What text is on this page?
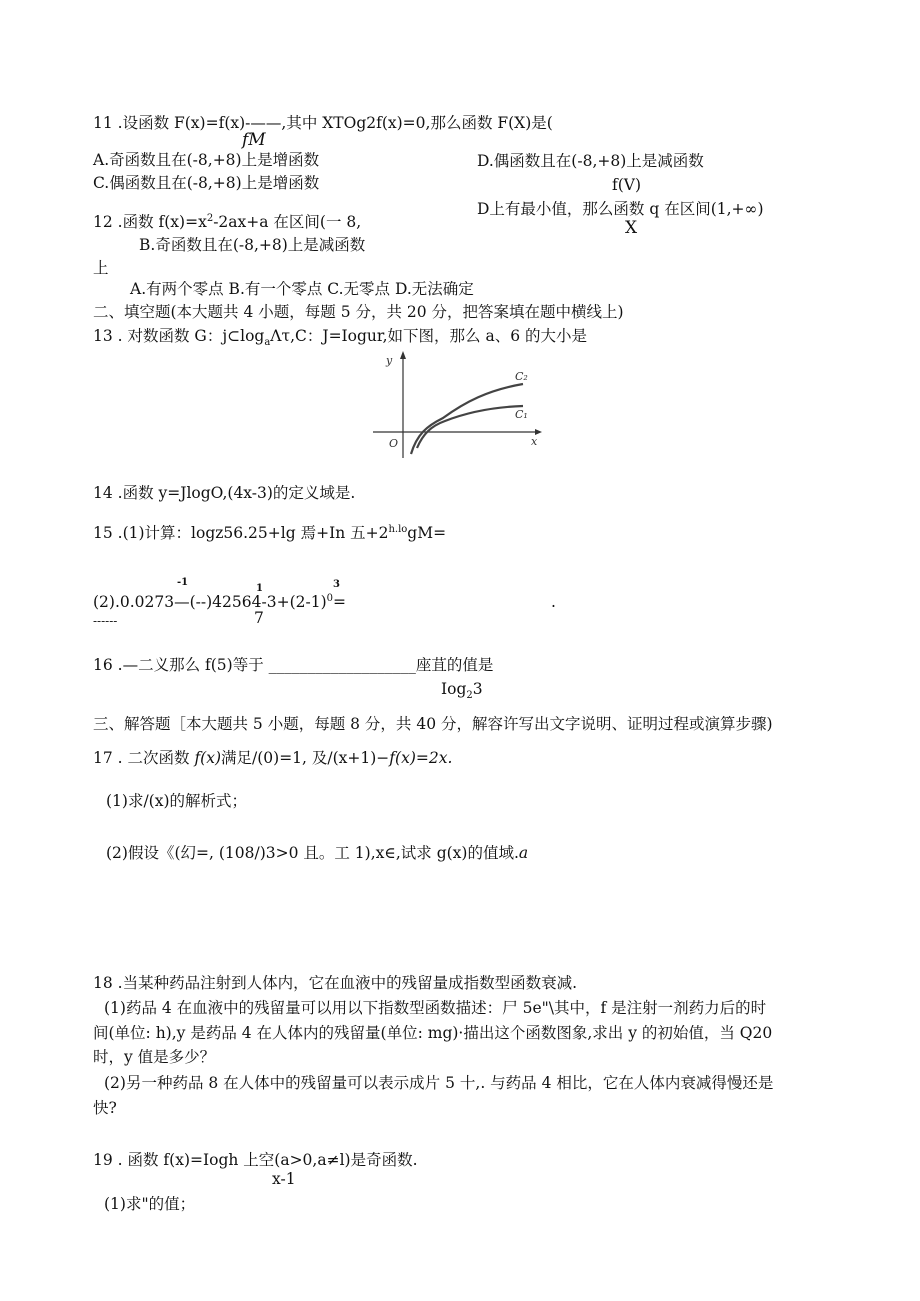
11 .设函数 F(x)=f(x)-——,其中 XTOg2f(x)=0,那么函数 F(X)是(
fM
A.奇函数且在(-8,+8)上是增函数
C.偶函数且在(-8,+8)上是增函数
D.偶函数且在(-8,+8)上是减函数
f(V)
D上有最小值，那么函数 q 在区间(1,+∞)
X
12 .函数 $f(x)=x^2-2ax+a$ 在区间(一 8,
B.奇函数且在(-8,+8)上是减函数
上
A.有两个零点 B.有一个零点 C.无零点 D.无法确定
二、填空题(本大题共 4 小题，每题 5 分，共 20 分，把答案填在题中横线上)
13 . 对数函数 G：$j\subset\log_a\Lambda\tau,C$：J=Iogur,如下图，那么 a、6 的大小是
y
x
O
C₂
C₁
14 .函数 y=JlogO,(4x-3)的定义域是.
15 .(1)计算：logz56.25+lg 焉+In 五$+2^{h.lo}gM=$
-1
1	3
$(2).0.0273—(--)42564-3+(2-1)^0=$	.
7
------
16 .—二义那么 f(5)等于 ___________________座苴的值是
Iog$_2$3
三、解答题［本大题共 5 小题，每题 8 分，共 40 分，解容许写出文字说明、证明过程或演算步骤)
17 . 二次函数 f(x)满足/(0)=1, 及/(x+1)−f(x)=2x.
(1)求/(x)的解析式；
(2)假设《(幻=, (108/)3>0 且。工 1),x∈,试求 g(x)的值域.a
18 .当某种药品注射到人体内，它在血液中的残留量成指数型函数衰减.
(1)药品 4 在血液中的残留量可以用以下指数型函数描述：尸 5e"\其中，f 是注射一剂药力后的时
间(单位: h),y 是药品 4 在人体内的残留量(单位: mg)·描出这个函数图象,求出 y 的初始值，当 Q20
时，y 值是多少？
(2)另一种药品 8 在人体中的残留量可以表示成片 5 十,. 与药品 4 相比，它在人体内衰减得慢还是
快?
19 . 函数 f(x)=Iogh 上空(a>0,a≠l)是奇函数.
x-1
(1)求"的值；
